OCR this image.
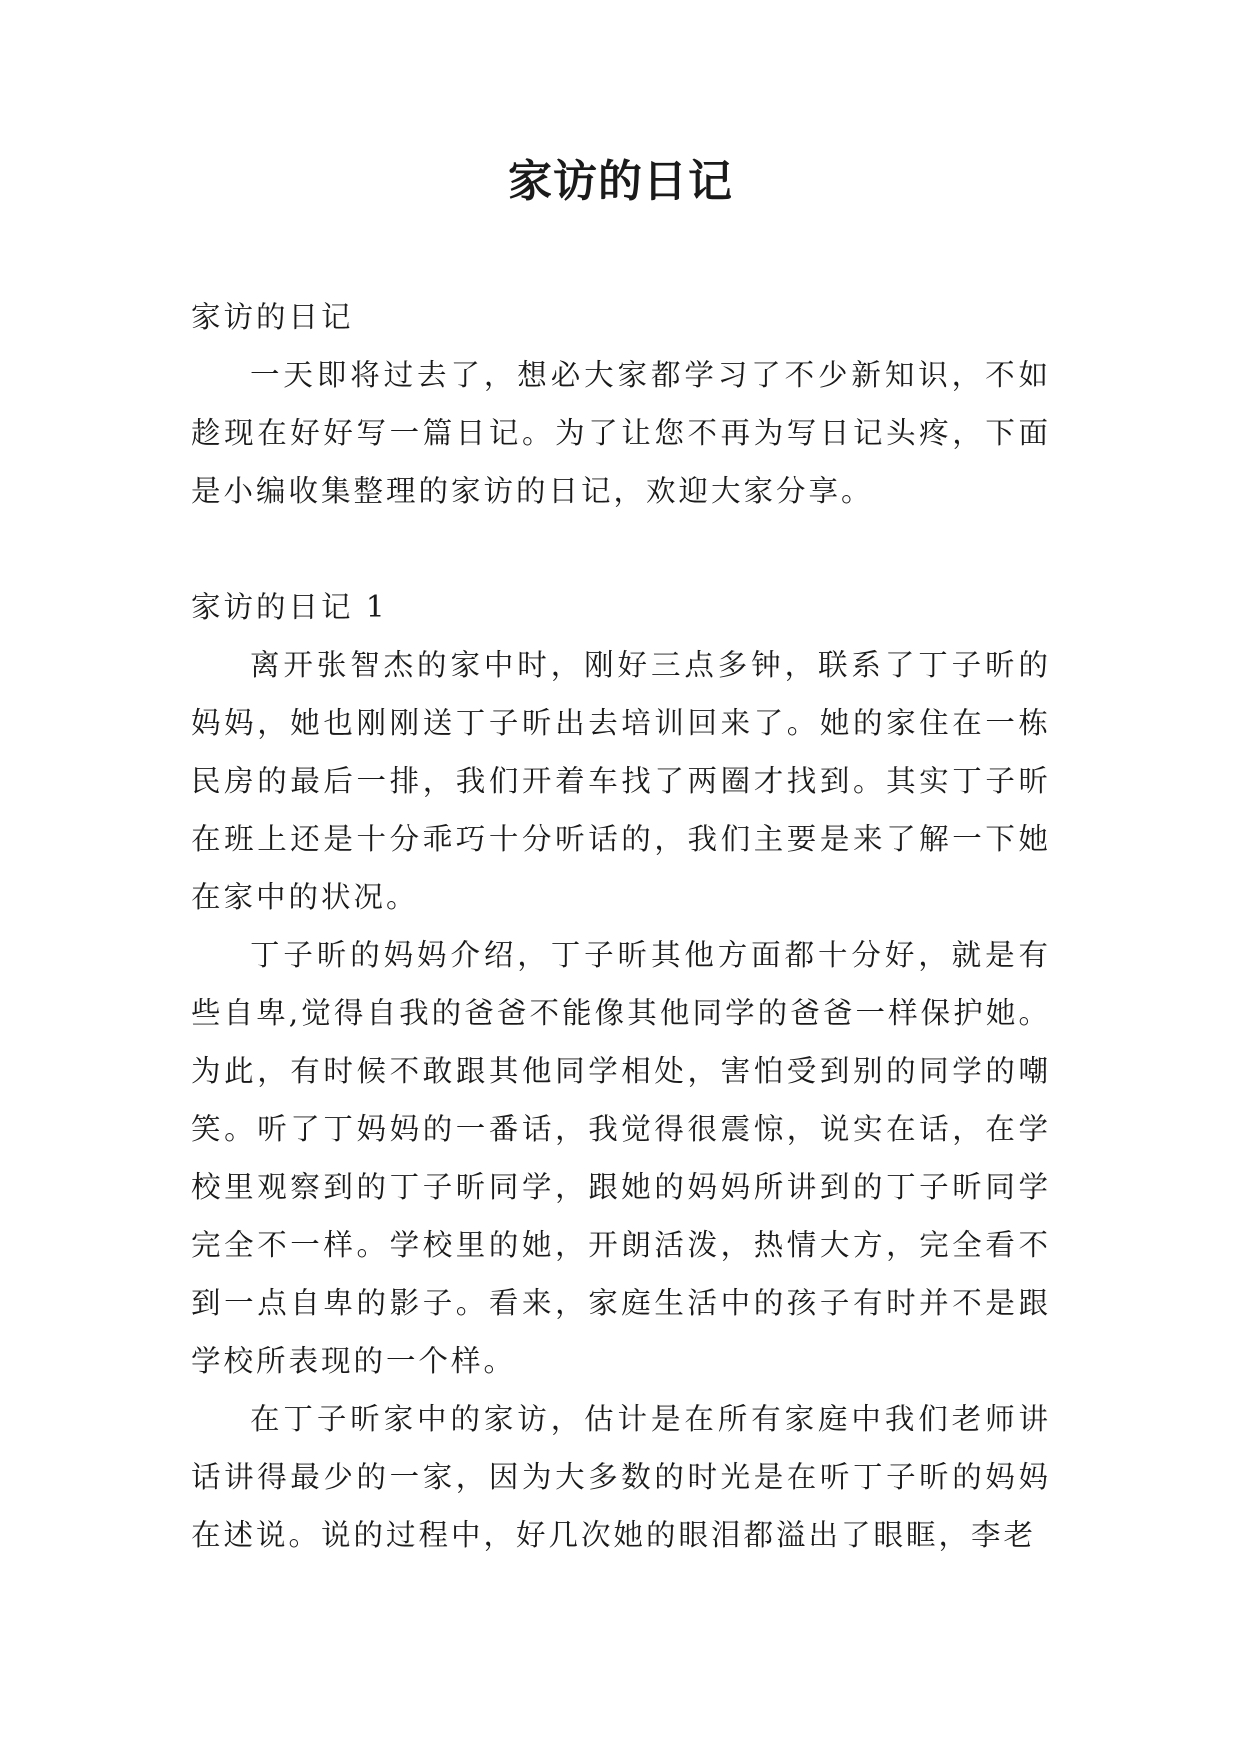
家访的日记

家访的日记

一天即将过去了，想必大家都学习了不少新知识，不如趁现在好好写一篇日记。为了让您不再为写日记头疼，下面是小编收集整理的家访的日记，欢迎大家分享。

家访的日记 1

离开张智杰的家中时，刚好三点多钟，联系了丁子昕的妈妈，她也刚刚送丁子昕出去培训回来了。她的家住在一栋民房的最后一排，我们开着车找了两圈才找到。其实丁子昕在班上还是十分乖巧十分听话的，我们主要是来了解一下她在家中的状况。

丁子昕的妈妈介绍，丁子昕其他方面都十分好，就是有些自卑,觉得自我的爸爸不能像其他同学的爸爸一样保护她。为此，有时候不敢跟其他同学相处，害怕受到别的同学的嘲笑。听了丁妈妈的一番话，我觉得很震惊，说实在话，在学校里观察到的丁子昕同学，跟她的妈妈所讲到的丁子昕同学完全不一样。学校里的她，开朗活泼，热情大方，完全看不到一点自卑的影子。看来，家庭生活中的孩子有时并不是跟学校所表现的一个样。

在丁子昕家中的家访，估计是在所有家庭中我们老师讲话讲得最少的一家，因为大多数的时光是在听丁子昕的妈妈在述说。说的过程中，好几次她的眼泪都溢出了眼眶，李老
